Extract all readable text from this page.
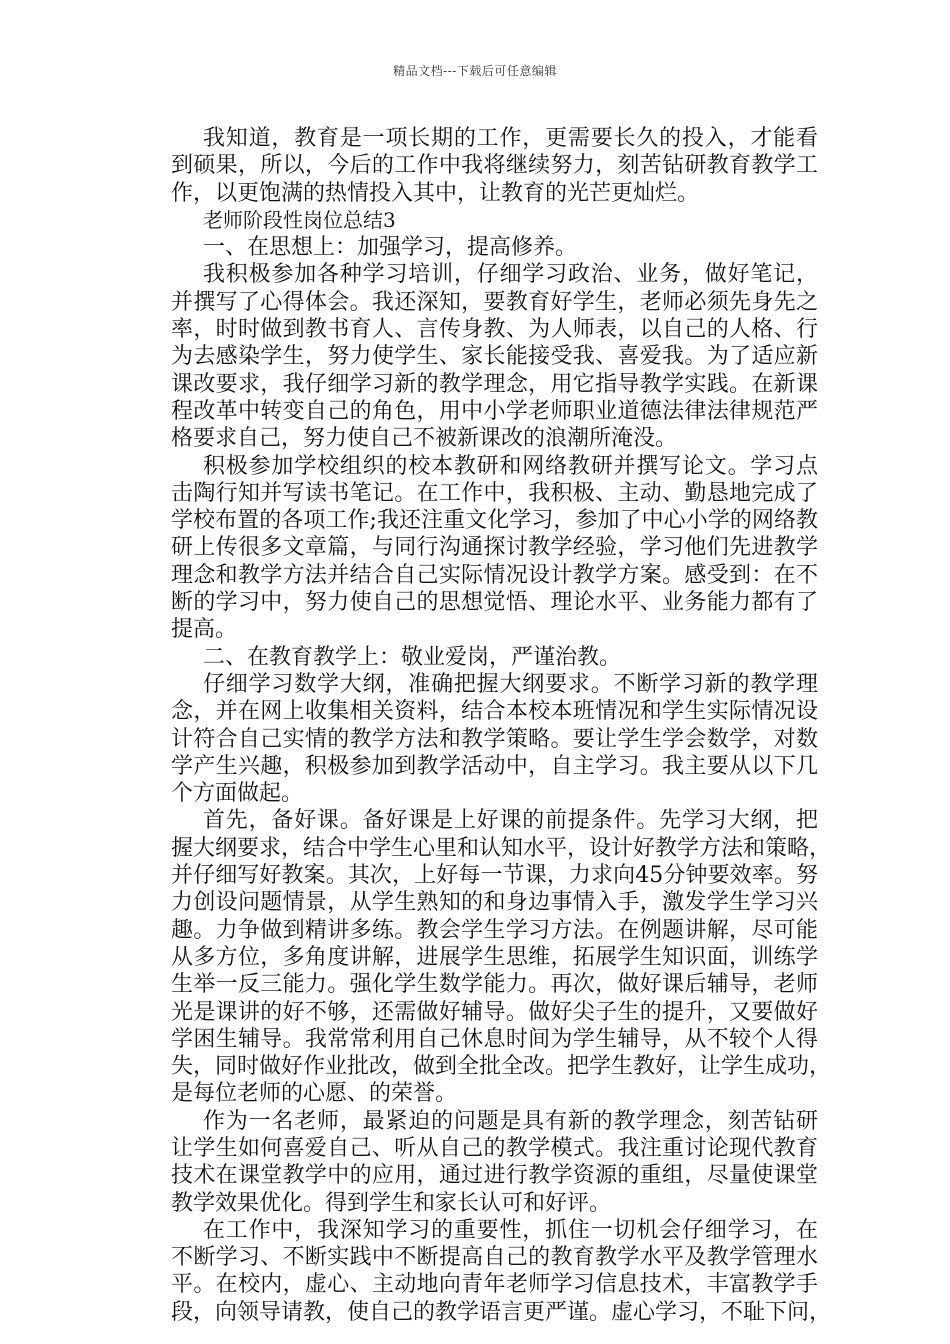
精品文档---下载后可任意编辑
我知道，教育是一项长期的工作，更需要长久的投入，才能看
到硕果，所以，今后的工作中我将继续努力，刻苦钻研教育教学工
作，以更饱满的热情投入其中，让教育的光芒更灿烂。
老师阶段性岗位总结3
一、在思想上：加强学习，提高修养。
我积极参加各种学习培训，仔细学习政治、业务，做好笔记，
并撰写了心得体会。我还深知，要教育好学生，老师必须先身先之
率，时时做到教书育人、言传身教、为人师表，以自己的人格、行
为去感染学生，努力使学生、家长能接受我、喜爱我。为了适应新
课改要求，我仔细学习新的教学理念，用它指导教学实践。在新课
程改革中转变自己的角色，用中小学老师职业道德法律法律规范严
格要求自己，努力使自己不被新课改的浪潮所淹没。
积极参加学校组织的校本教研和网络教研并撰写论文。学习点
击陶行知并写读书笔记。在工作中，我积极、主动、勤恳地完成了
学校布置的各项工作;我还注重文化学习，参加了中心小学的网络教
研上传很多文章篇，与同行沟通探讨教学经验，学习他们先进教学
理念和教学方法并结合自己实际情况设计教学方案。感受到：在不
断的学习中，努力使自己的思想觉悟、理论水平、业务能力都有了
提高。
二、在教育教学上：敬业爱岗，严谨治教。
仔细学习数学大纲，准确把握大纲要求。不断学习新的教学理
念，并在网上收集相关资料，结合本校本班情况和学生实际情况设
计符合自己实情的教学方法和教学策略。要让学生学会数学，对数
学产生兴趣，积极参加到教学活动中，自主学习。我主要从以下几
个方面做起。
首先，备好课。备好课是上好课的前提条件。先学习大纲，把
握大纲要求，结合中学生心里和认知水平，设计好教学方法和策略，
并仔细写好教案。其次，上好每一节课，力求向45分钟要效率。努
力创设问题情景，从学生熟知的和身边事情入手，激发学生学习兴
趣。力争做到精讲多练。教会学生学习方法。在例题讲解，尽可能
从多方位，多角度讲解，进展学生思维，拓展学生知识面，训练学
生举一反三能力。强化学生数学能力。再次，做好课后辅导，老师
光是课讲的好不够，还需做好辅导。做好尖子生的提升，又要做好
学困生辅导。我常常利用自己休息时间为学生辅导，从不较个人得
失，同时做好作业批改，做到全批全改。把学生教好，让学生成功，
是每位老师的心愿、的荣誉。
作为一名老师，最紧迫的问题是具有新的教学理念，刻苦钻研
让学生如何喜爱自己、听从自己的教学模式。我注重讨论现代教育
技术在课堂教学中的应用，通过进行教学资源的重组，尽量使课堂
教学效果优化。得到学生和家长认可和好评。
在工作中，我深知学习的重要性，抓住一切机会仔细学习，在
不断学习、不断实践中不断提高自己的教育教学水平及教学管理水
平。在校内，虚心、主动地向青年老师学习信息技术，丰富教学手
段，向领导请教，使自己的教学语言更严谨。虚心学习，不耻下问，
